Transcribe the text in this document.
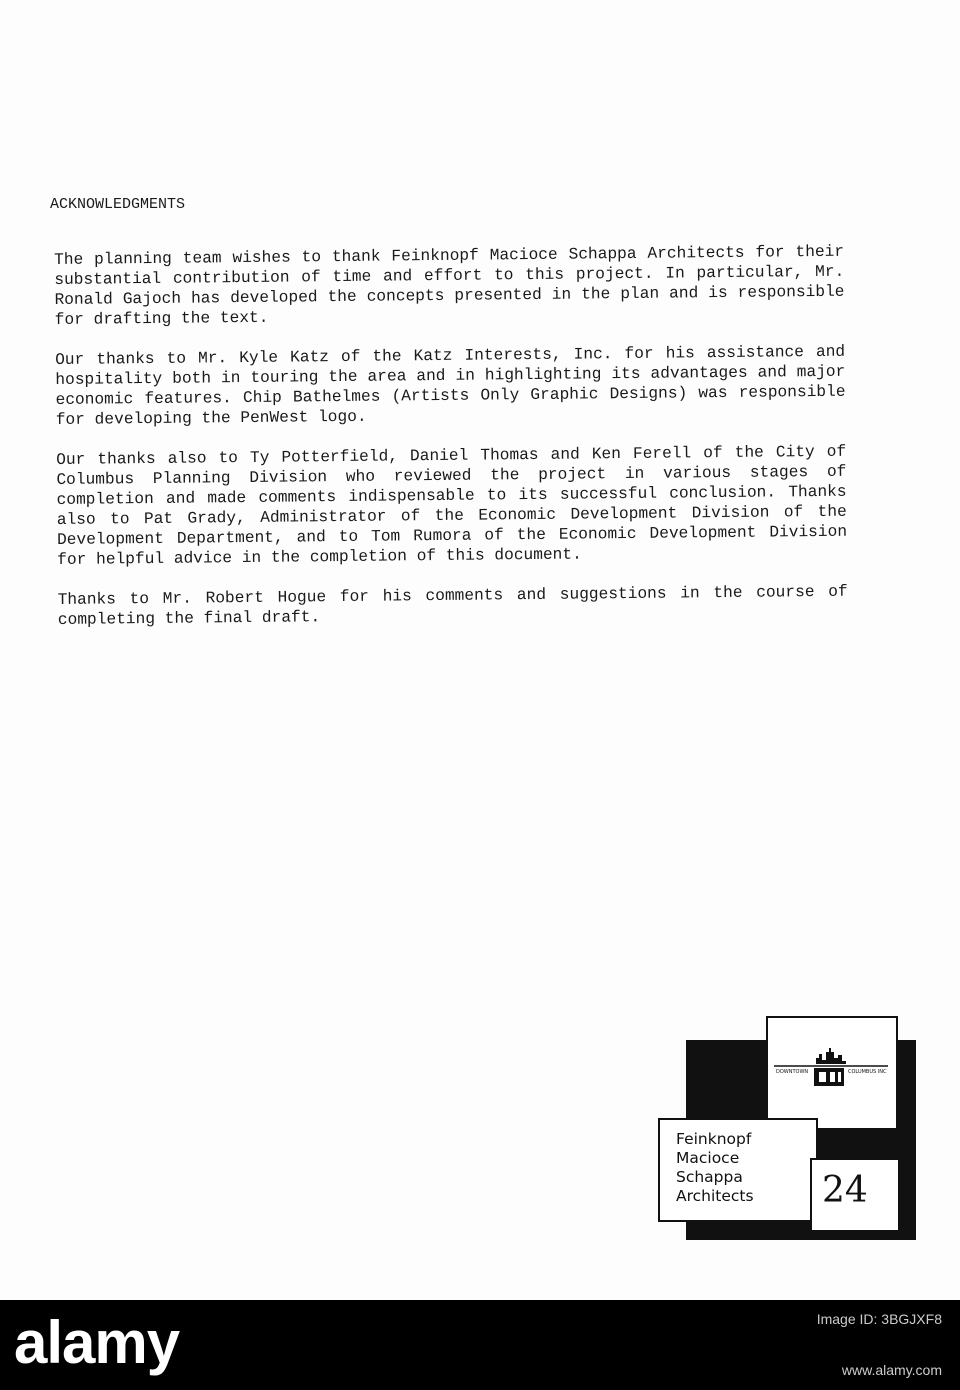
ACKNOWLEDGMENTS

The planning team wishes to thank Feinknopf Macioce Schappa Architects for their substantial contribution of time and effort to this project. In particular, Mr. Ronald Gajoch has developed the concepts presented in the plan and is responsible for drafting the text.

Our thanks to Mr. Kyle Katz of the Katz Interests, Inc. for his assistance and hospitality both in touring the area and in highlighting its advantages and major economic features. Chip Bathelmes (Artists Only Graphic Designs) was responsible for developing the PenWest logo.

Our thanks also to Ty Potterfield, Daniel Thomas and Ken Ferell of the City of Columbus Planning Division who reviewed the project in various stages of completion and made comments indispensable to its successful conclusion. Thanks also to Pat Grady, Administrator of the Economic Development Division of the Development Department, and to Tom Rumora of the Economic Development Division for helpful advice in the completion of this document.

Thanks to Mr. Robert Hogue for his comments and suggestions in the course of completing the final draft.

DOWNTOWN	COLUMBUS INC
Feinknopf
Macioce
Schappa
Architects 24
alamy	Image ID: 3BGJXF8
www.alamy.com
